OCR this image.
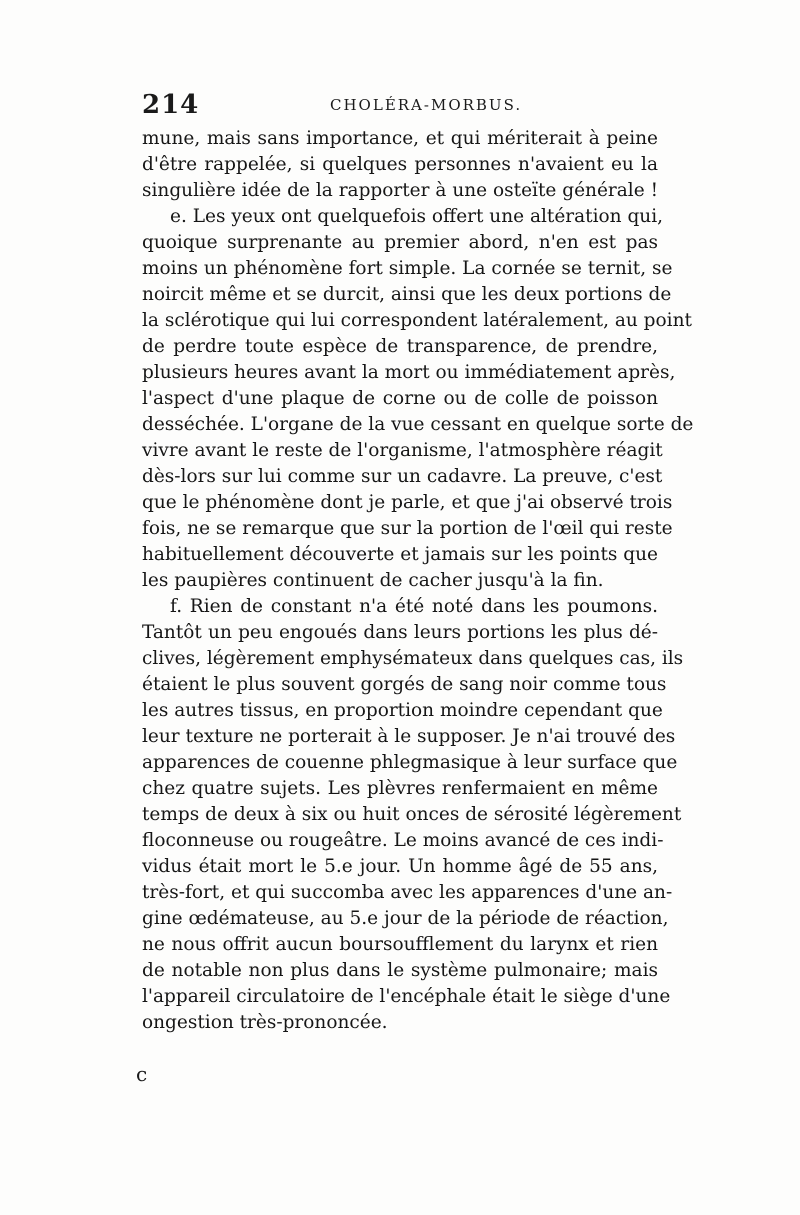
214	CHOLÉRA-MORBUS.
mune, mais sans importance, et qui mériterait à peine
d'être rappelée, si quelques personnes n'avaient eu la
singulière idée de la rapporter à une osteïte générale !
e. Les yeux ont quelquefois offert une altération qui,
quoique surprenante au premier abord, n'en est pas
moins un phénomène fort simple. La cornée se ternit, se
noircit même et se durcit, ainsi que les deux portions de
la sclérotique qui lui correspondent latéralement, au point
de perdre toute espèce de transparence, de prendre,
plusieurs heures avant la mort ou immédiatement après,
l'aspect d'une plaque de corne ou de colle de poisson
desséchée. L'organe de la vue cessant en quelque sorte de
vivre avant le reste de l'organisme, l'atmosphère réagit
dès-lors sur lui comme sur un cadavre. La preuve, c'est
que le phénomène dont je parle, et que j'ai observé trois
fois, ne se remarque que sur la portion de l'œil qui reste
habituellement découverte et jamais sur les points que
les paupières continuent de cacher jusqu'à la fin.
f. Rien de constant n'a été noté dans les poumons.
Tantôt un peu engoués dans leurs portions les plus dé-
clives, légèrement emphysémateux dans quelques cas, ils
étaient le plus souvent gorgés de sang noir comme tous
les autres tissus, en proportion moindre cependant que
leur texture ne porterait à le supposer. Je n'ai trouvé des
apparences de couenne phlegmasique à leur surface que
chez quatre sujets. Les plèvres renfermaient en même
temps de deux à six ou huit onces de sérosité légèrement
floconneuse ou rougeâtre. Le moins avancé de ces indi-
vidus était mort le 5.e jour. Un homme âgé de 55 ans,
très-fort, et qui succomba avec les apparences d'une an-
gine œdémateuse, au 5.e jour de la période de réaction,
ne nous offrit aucun boursoufflement du larynx et rien
de notable non plus dans le système pulmonaire; mais
l'appareil circulatoire de l'encéphale était le siège d'une
ongestion très-prononcée.
c
